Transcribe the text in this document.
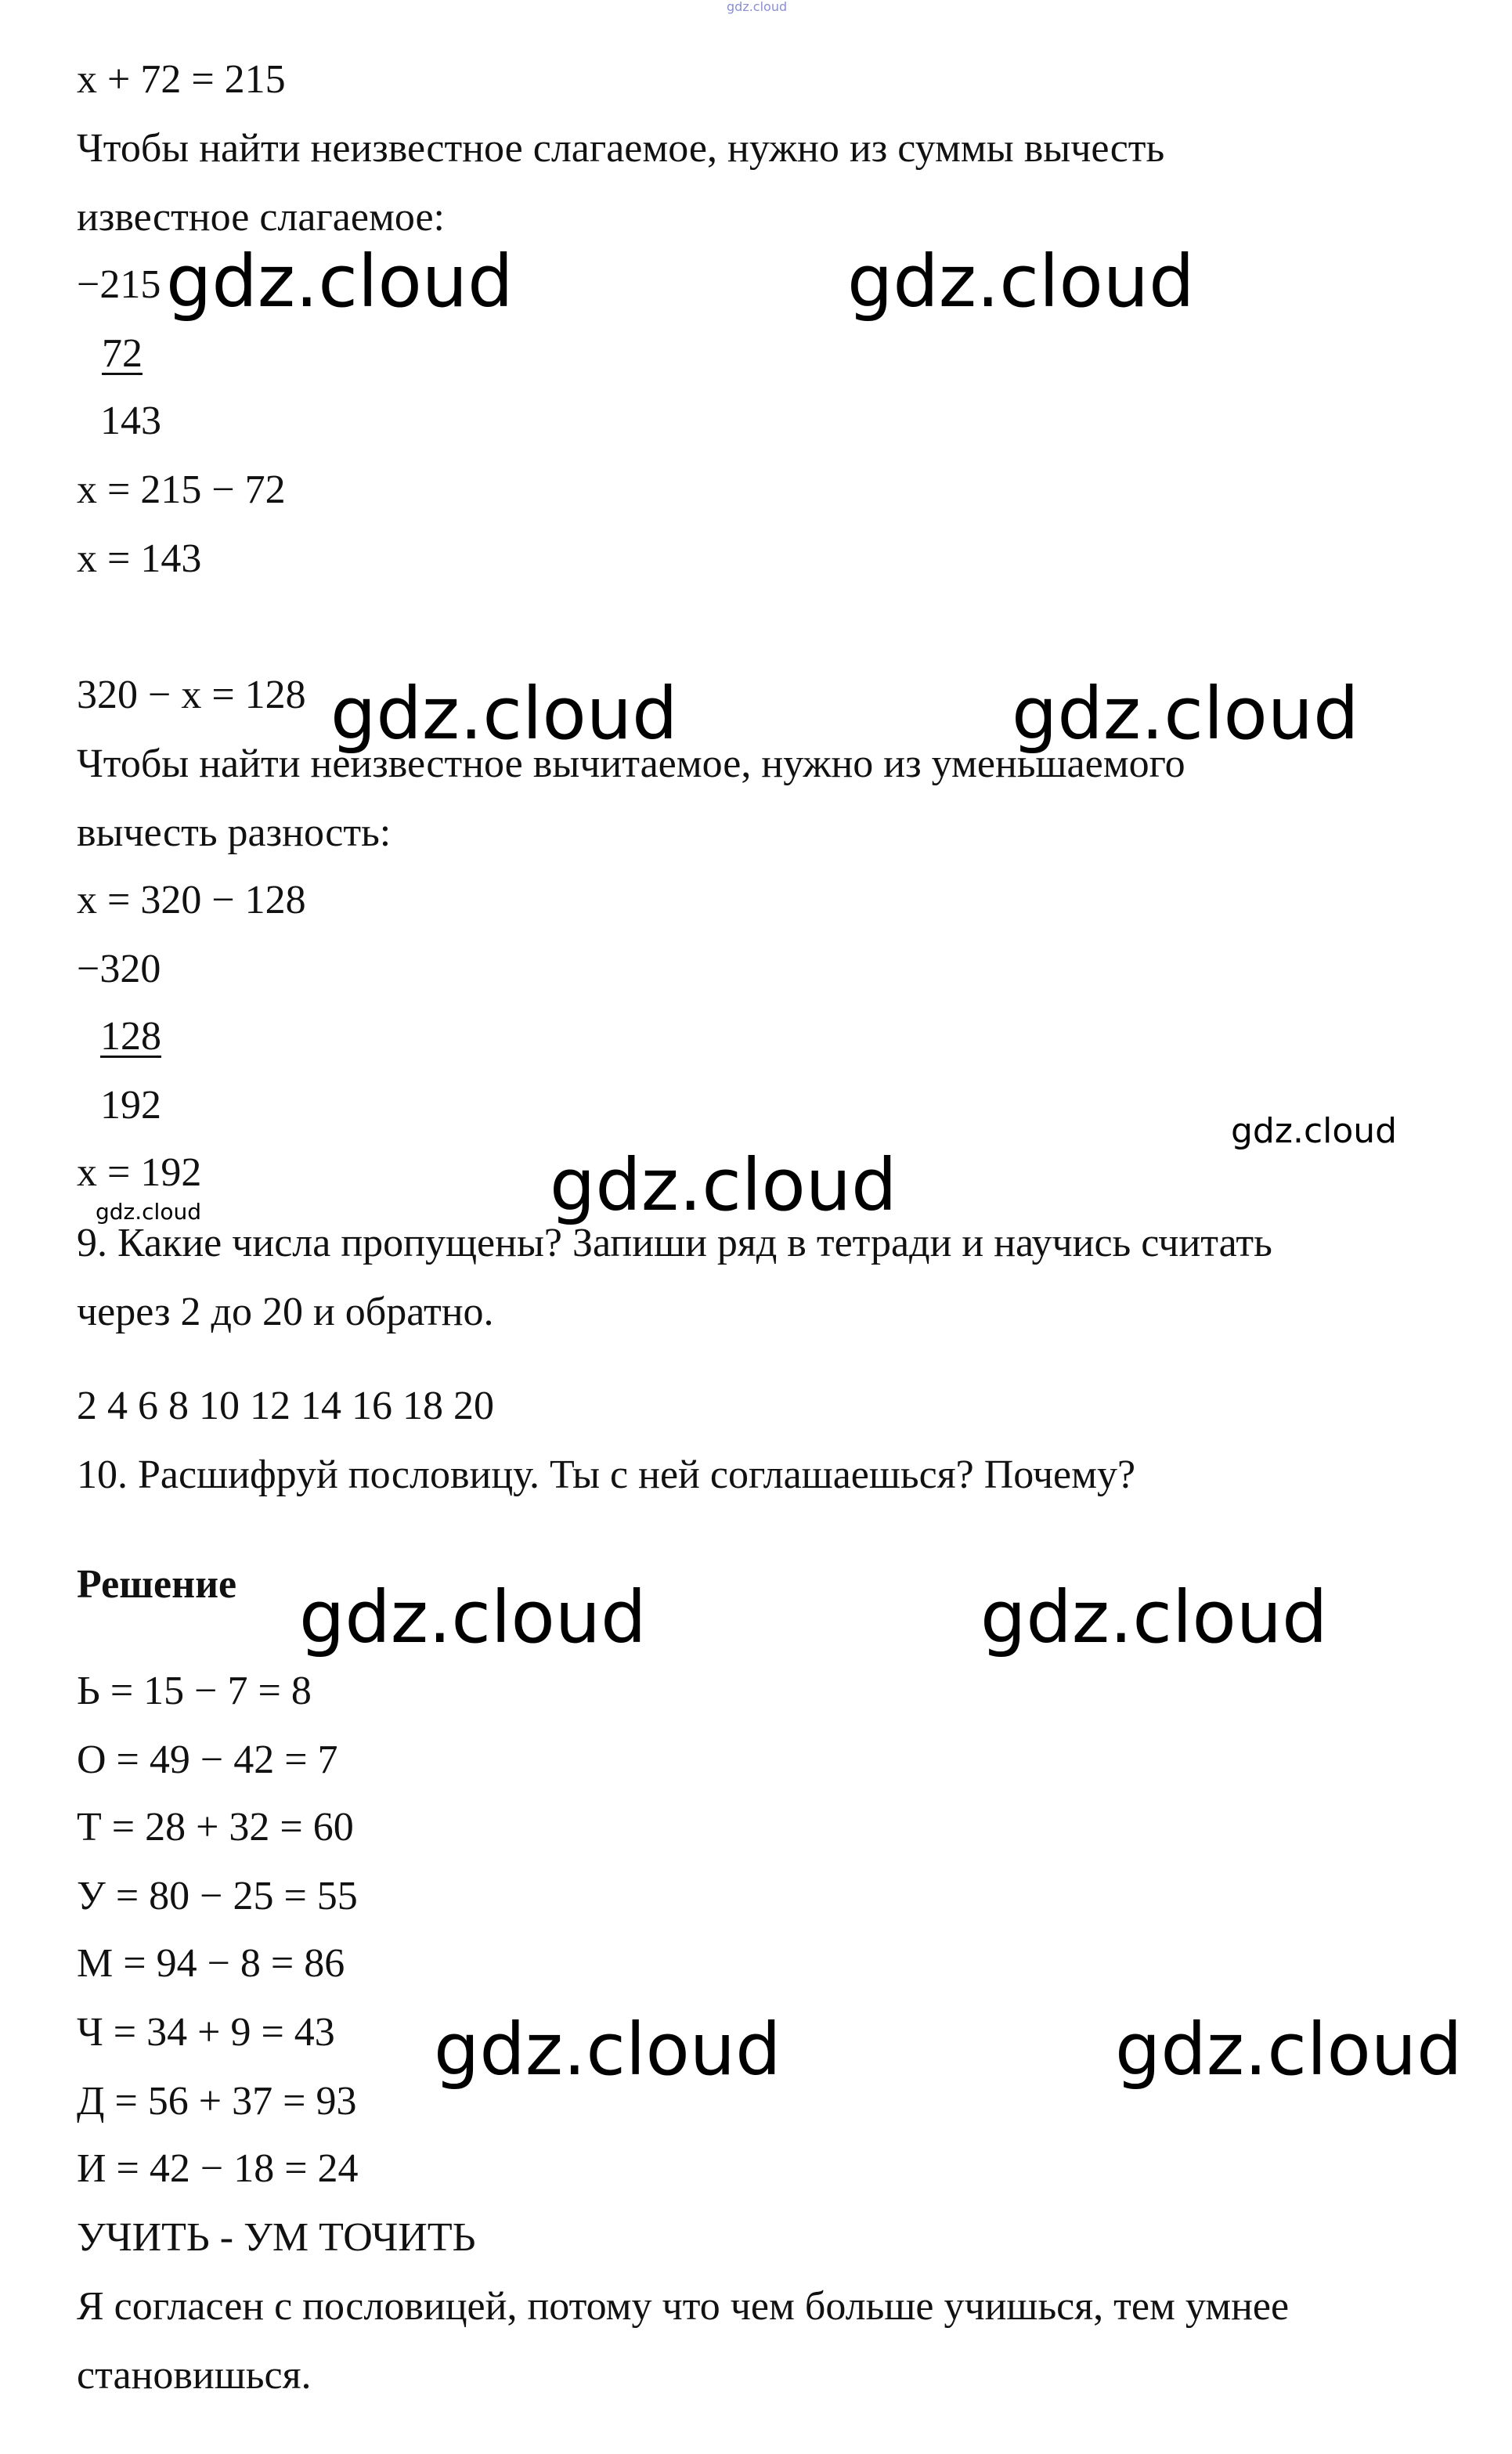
gdz.cloud

x + 72 = 215

Чтобы найти неизвестное слагаемое, нужно из суммы вычесть

известное слагаемое:

−215

72

143

x = 215 − 72

x = 143

320 − x = 128

Чтобы найти неизвестное вычитаемое, нужно из уменьшаемого

вычесть разность:

x = 320 − 128

−320

128

192

x = 192

9. Какие числа пропущены? Запиши ряд в тетради и научись считать

через 2 до 20 и обратно.

2 4 6 8 10 12 14 16 18 20

10. Расшифруй пословицу. Ты с ней соглашаешься? Почему?

Решение

Ь = 15 − 7 = 8

О = 49 − 42 = 7

Т = 28 + 32 = 60

У = 80 − 25 = 55

М = 94 − 8 = 86

Ч = 34 + 9 = 43

Д = 56 + 37 = 93

И = 42 − 18 = 24

УЧИТЬ - УМ ТОЧИТЬ

Я согласен с пословицей, потому что чем больше учишься, тем умнее

становишься.

gdz.cloud	gdz.cloud

gdz.cloud	gdz.cloud

gdz.cloud

gdz.cloud	gdz.cloud

gdz.cloud	gdz.cloud

gdz.cloud

gdz.cloud
